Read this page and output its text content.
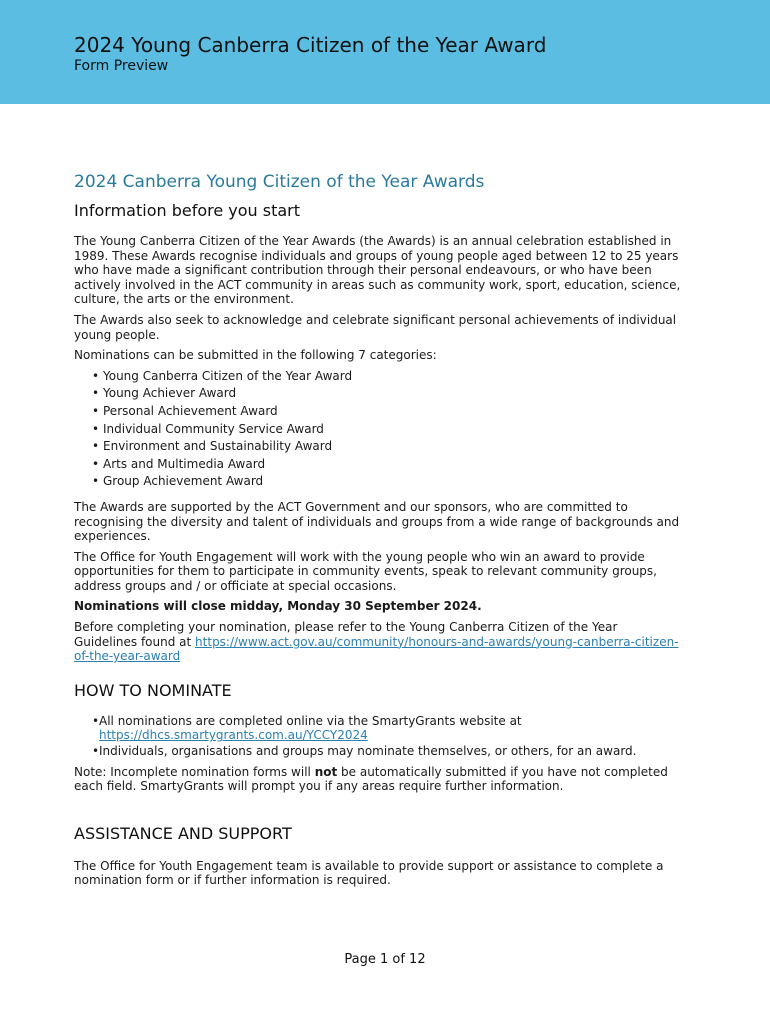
2024 Young Canberra Citizen of the Year Award
Form Preview
2024 Canberra Young Citizen of the Year Awards
Information before you start

The Young Canberra Citizen of the Year Awards (the Awards) is an annual celebration established in 1989. These Awards recognise individuals and groups of young people aged between 12 to 25 years who have made a significant contribution through their personal endeavours, or who have been actively involved in the ACT community in areas such as community work, sport, education, science, culture, the arts or the environment.

The Awards also seek to acknowledge and celebrate significant personal achievements of individual young people.

Nominations can be submitted in the following 7 categories:

• Young Canberra Citizen of the Year Award
• Young Achiever Award
• Personal Achievement Award
• Individual Community Service Award
• Environment and Sustainability Award
• Arts and Multimedia Award
• Group Achievement Award

The Awards are supported by the ACT Government and our sponsors, who are committed to recognising the diversity and talent of individuals and groups from a wide range of backgrounds and experiences.

The Office for Youth Engagement will work with the young people who win an award to provide opportunities for them to participate in community events, speak to relevant community groups, address groups and / or officiate at special occasions.

Nominations will close midday, Monday 30 September 2024.

Before completing your nomination, please refer to the Young Canberra Citizen of the Year Guidelines found at https://www.act.gov.au/community/honours-and-awards/young-canberra-citizen-of-the-year-award

HOW TO NOMINATE
• All nominations are completed online via the SmartyGrants website at https://dhcs.smartygrants.com.au/YCCY2024
• Individuals, organisations and groups may nominate themselves, or others, for an award.

Note: Incomplete nomination forms will not be automatically submitted if you have not completed each field. SmartyGrants will prompt you if any areas require further information.

ASSISTANCE AND SUPPORT

The Office for Youth Engagement team is available to provide support or assistance to complete a nomination form or if further information is required.

Page 1 of 12
